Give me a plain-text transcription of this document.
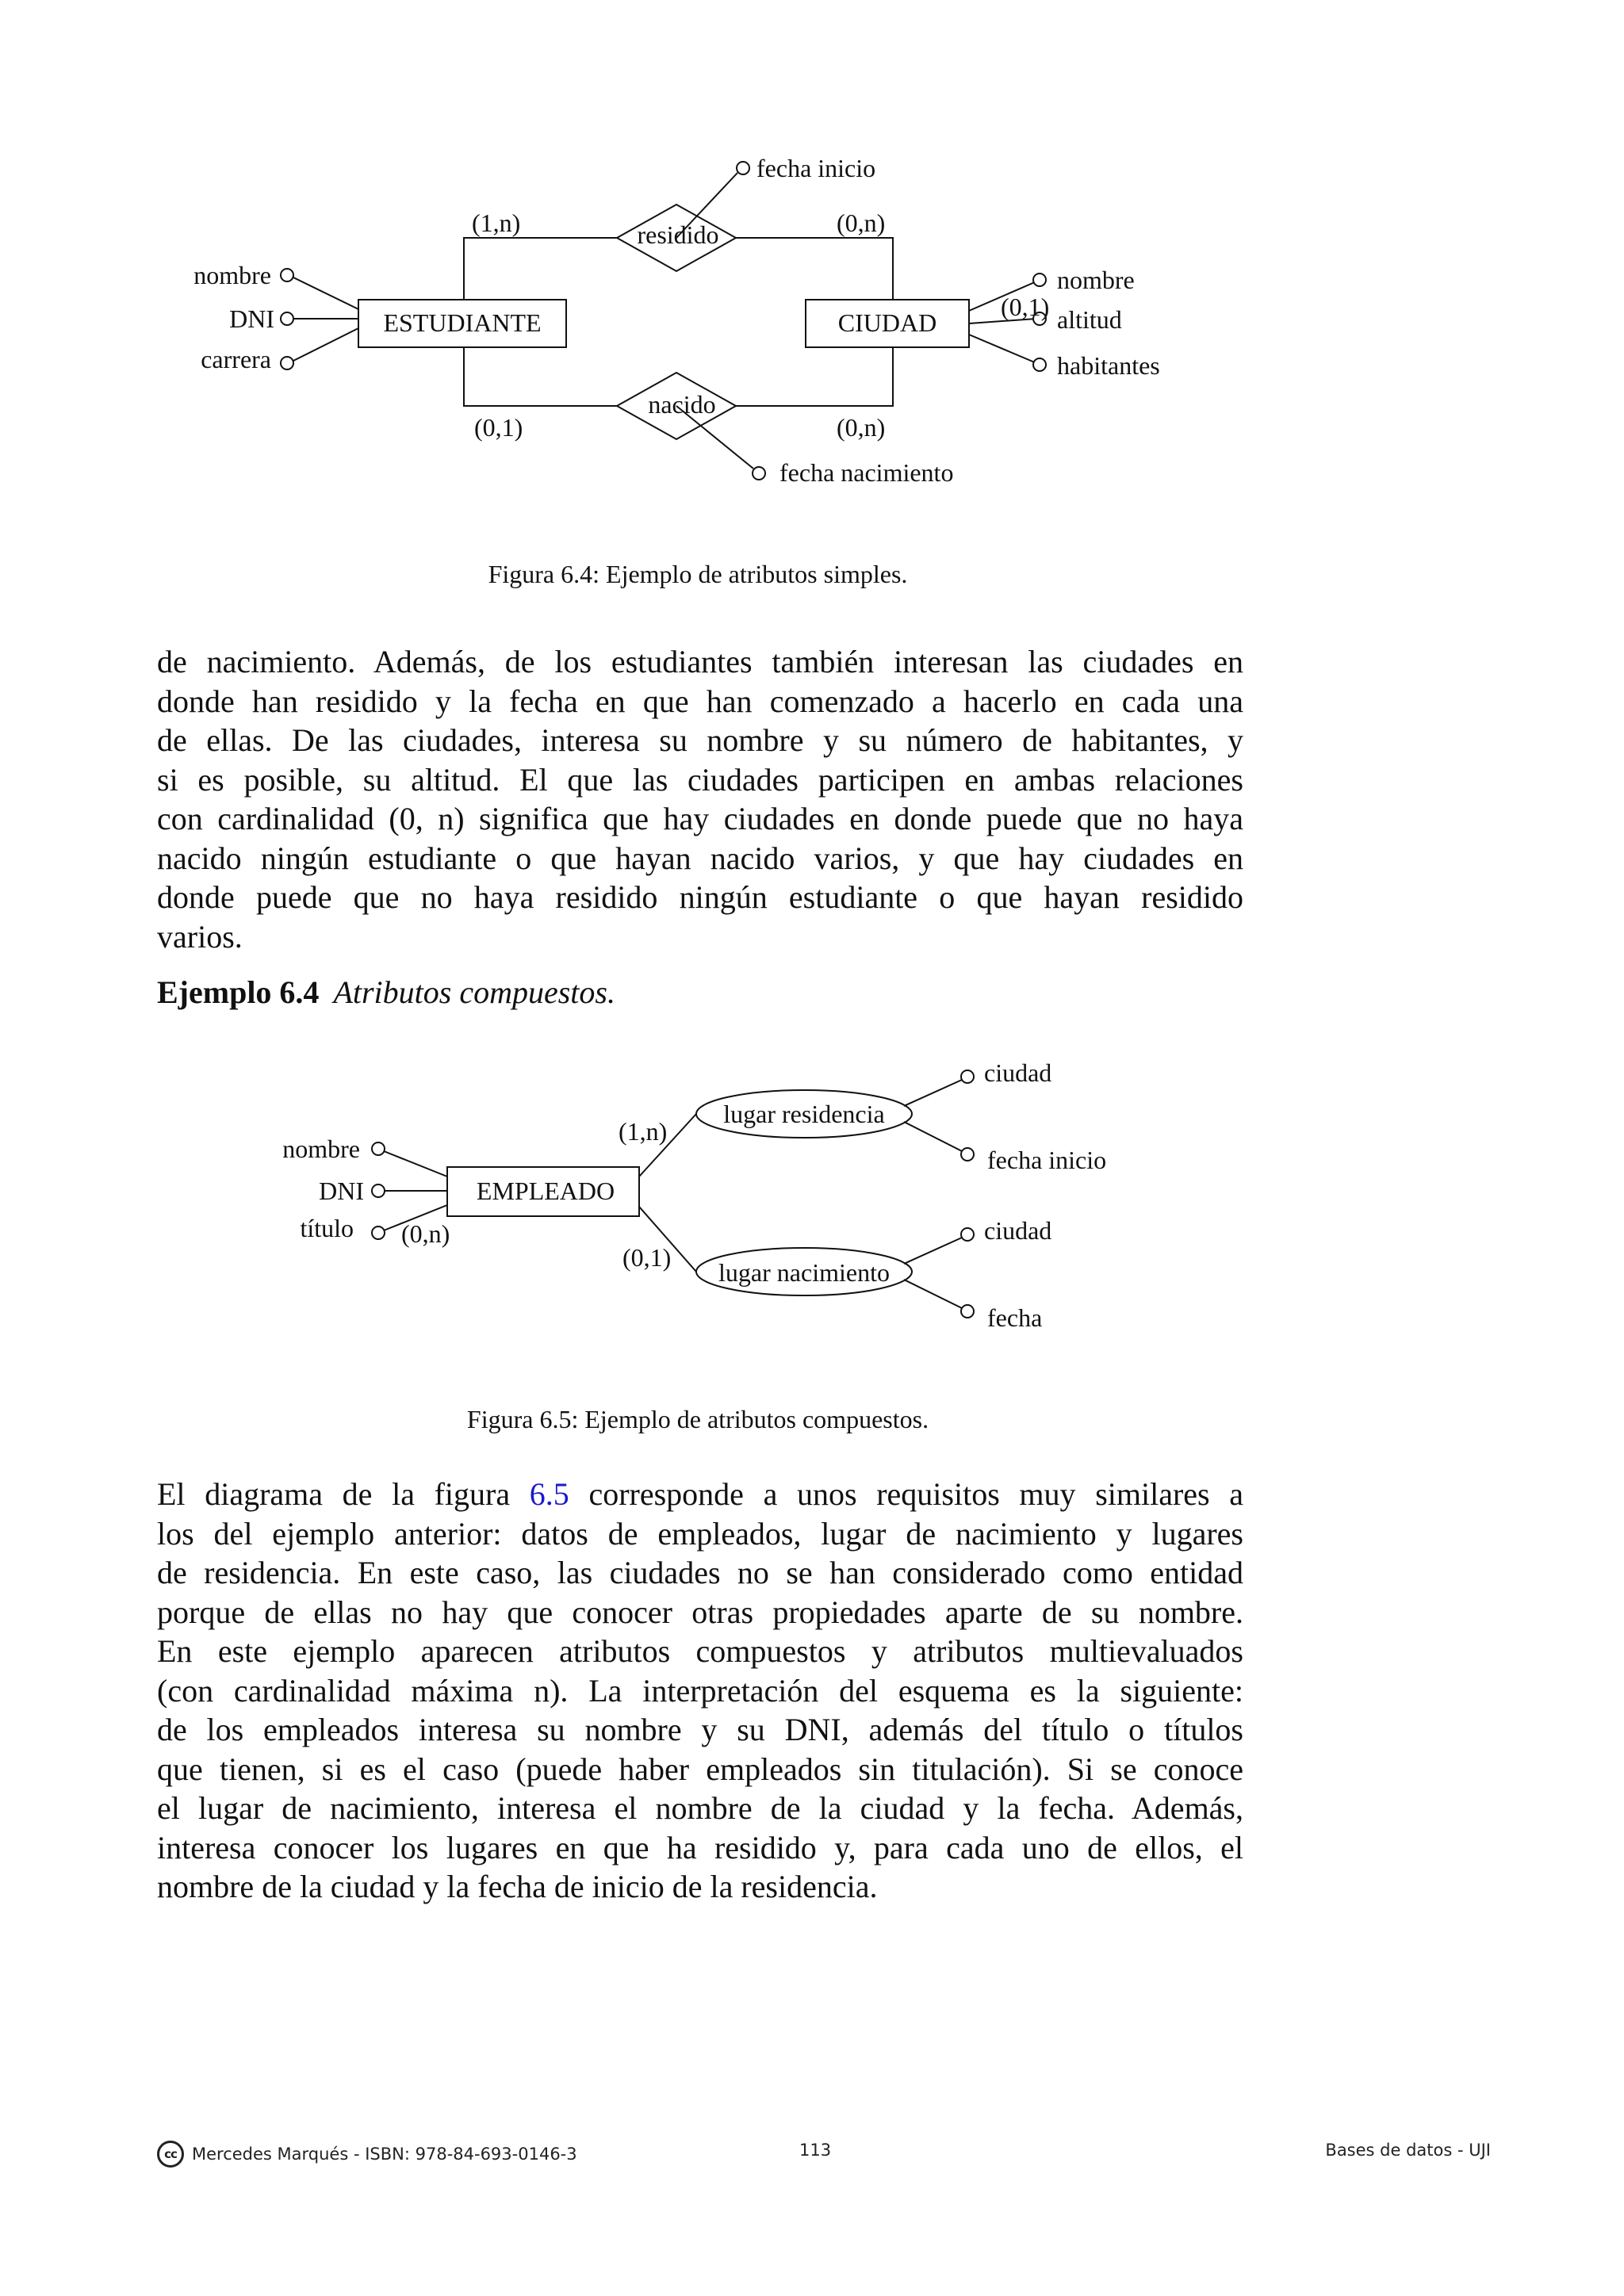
ESTUDIANTE	CIUDAD
residido
nacido
fecha inicio
fecha nacimiento
nombre
DNI
carrera
nombre
altitud
habitantes
(0,1)
(1,n)	(0,n)
(0,1)	(0,n)
Figura 6.4: Ejemplo de atributos simples.
de nacimiento. Además, de los estudiantes también interesan las ciudades en
donde han residido y la fecha en que han comenzado a hacerlo en cada una
de ellas. De las ciudades, interesa su nombre y su número de habitantes, y
si es posible, su altitud. El que las ciudades participen en ambas relaciones
con cardinalidad (0, n) significa que hay ciudades en donde puede que no haya
nacido ningún estudiante o que hayan nacido varios, y que hay ciudades en
donde puede que no haya residido ningún estudiante o que hayan residido
varios.
Ejemplo 6.4 Atributos compuestos.
EMPLEADO
lugar residencia
lugar nacimiento
nombre
DNI
título (0,n)
(1,n)
(0,1)
ciudad
fecha inicio
ciudad
fecha
Figura 6.5: Ejemplo de atributos compuestos.
El diagrama de la figura 6.5 corresponde a unos requisitos muy similares a
los del ejemplo anterior: datos de empleados, lugar de nacimiento y lugares
de residencia. En este caso, las ciudades no se han considerado como entidad
porque de ellas no hay que conocer otras propiedades aparte de su nombre.
En este ejemplo aparecen atributos compuestos y atributos multievaluados
(con cardinalidad máxima n). La interpretación del esquema es la siguiente:
de los empleados interesa su nombre y su DNI, además del título o títulos
que tienen, si es el caso (puede haber empleados sin titulación). Si se conoce
el lugar de nacimiento, interesa el nombre de la ciudad y la fecha. Además,
interesa conocer los lugares en que ha residido y, para cada uno de ellos, el
nombre de la ciudad y la fecha de inicio de la residencia.
cc Mercedes Marqués - ISBN: 978-84-693-0146-3	113	Bases de datos - UJI
